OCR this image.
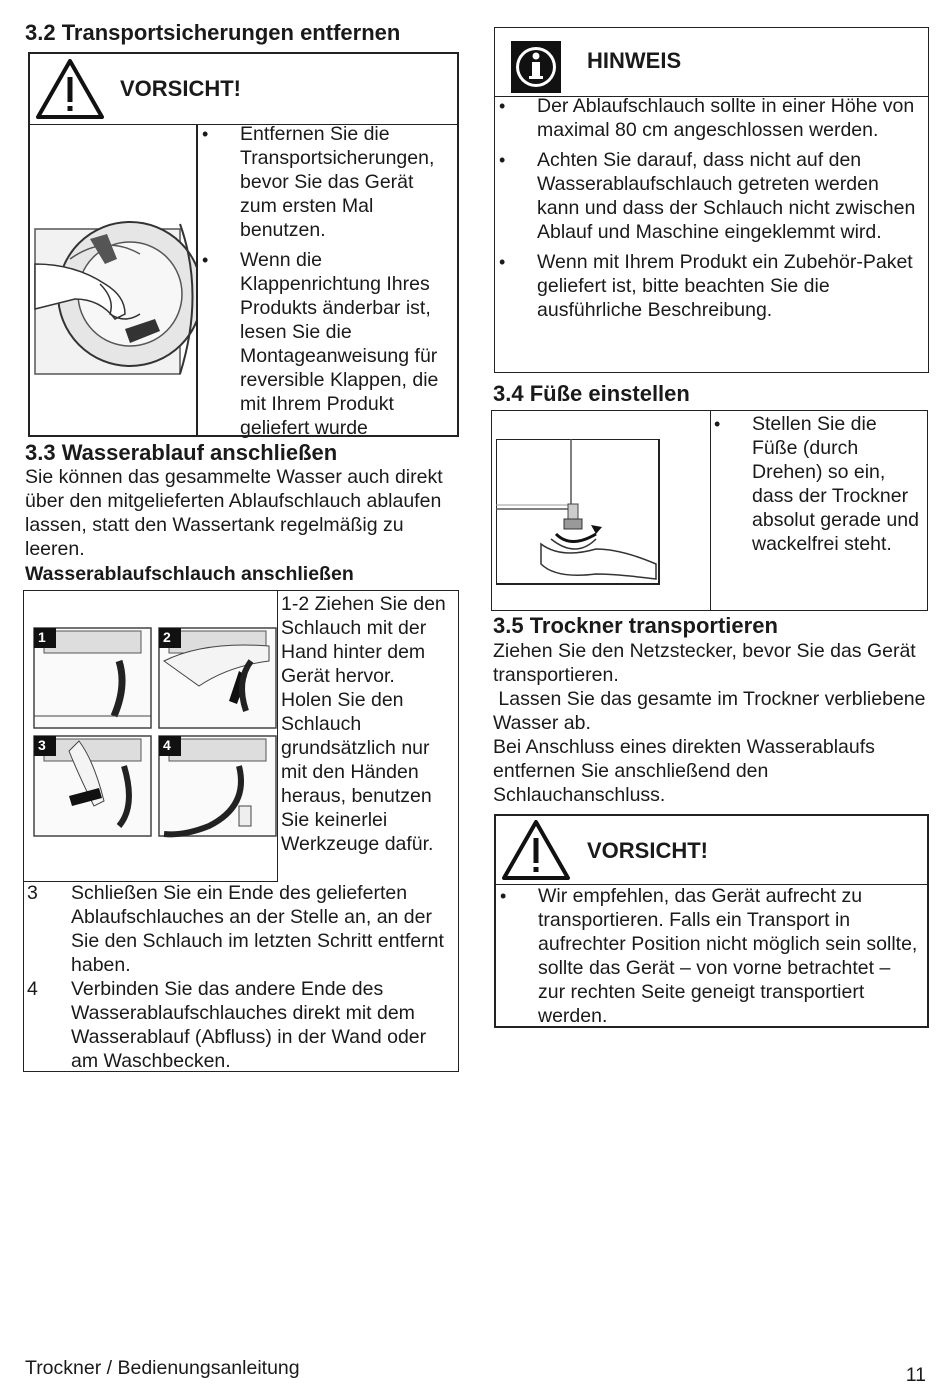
3.2 Transportsicherungen entfernen
VORSICHT!
• Entfernen Sie die Transportsicherungen, bevor Sie das Gerät zum ersten Mal benutzen.
• Wenn die Klappenrichtung Ihres Produkts änderbar ist, lesen Sie die Montageanweisung für reversible Klappen, die mit Ihrem Produkt geliefert wurde
3.3 Wasserablauf anschließen
Sie können das gesammelte Wasser auch direkt über den mitgelieferten Ablaufschlauch ablaufen lassen, statt den Wassertank regelmäßig zu leeren.
Wasserablaufschlauch anschließen
1	2
3	4
1-2 Ziehen Sie den Schlauch mit der Hand hinter dem Gerät hervor. Holen Sie den Schlauch grundsätzlich nur mit den Händen heraus, benutzen Sie keinerlei Werkzeuge dafür.
3	Schließen Sie ein Ende des gelieferten Ablaufschlauches an der Stelle an, an der Sie den Schlauch im letzten Schritt entfernt haben.
4	Verbinden Sie das andere Ende des Wasserablaufschlauches direkt mit dem Wasserablauf (Abfluss) in der Wand oder am Waschbecken.
HINWEIS
• Der Ablaufschlauch sollte in einer Höhe von maximal 80 cm angeschlossen werden.
• Achten Sie darauf, dass nicht auf den Wasserablaufschlauch getreten werden kann und dass der Schlauch nicht zwischen Ablauf und Maschine eingeklemmt wird.
• Wenn mit Ihrem Produkt ein Zubehör-Paket geliefert ist, bitte beachten Sie die ausführliche Beschreibung.
3.4 Füße einstellen
• Stellen Sie die Füße (durch Drehen) so ein, dass der Trockner absolut gerade und wackelfrei steht.
3.5 Trockner transportieren
Ziehen Sie den Netzstecker, bevor Sie das Gerät transportieren.
Lassen Sie das gesamte im Trockner verbliebene Wasser ab.
Bei Anschluss eines direkten Wasserablaufs entfernen Sie anschließend den Schlauchanschluss.
VORSICHT!
• Wir empfehlen, das Gerät aufrecht zu transportieren. Falls ein Transport in aufrechter Position nicht möglich sein sollte, sollte das Gerät – von vorne betrachtet – zur rechten Seite geneigt transportiert werden.
Trockner / Bedienungsanleitung	11
